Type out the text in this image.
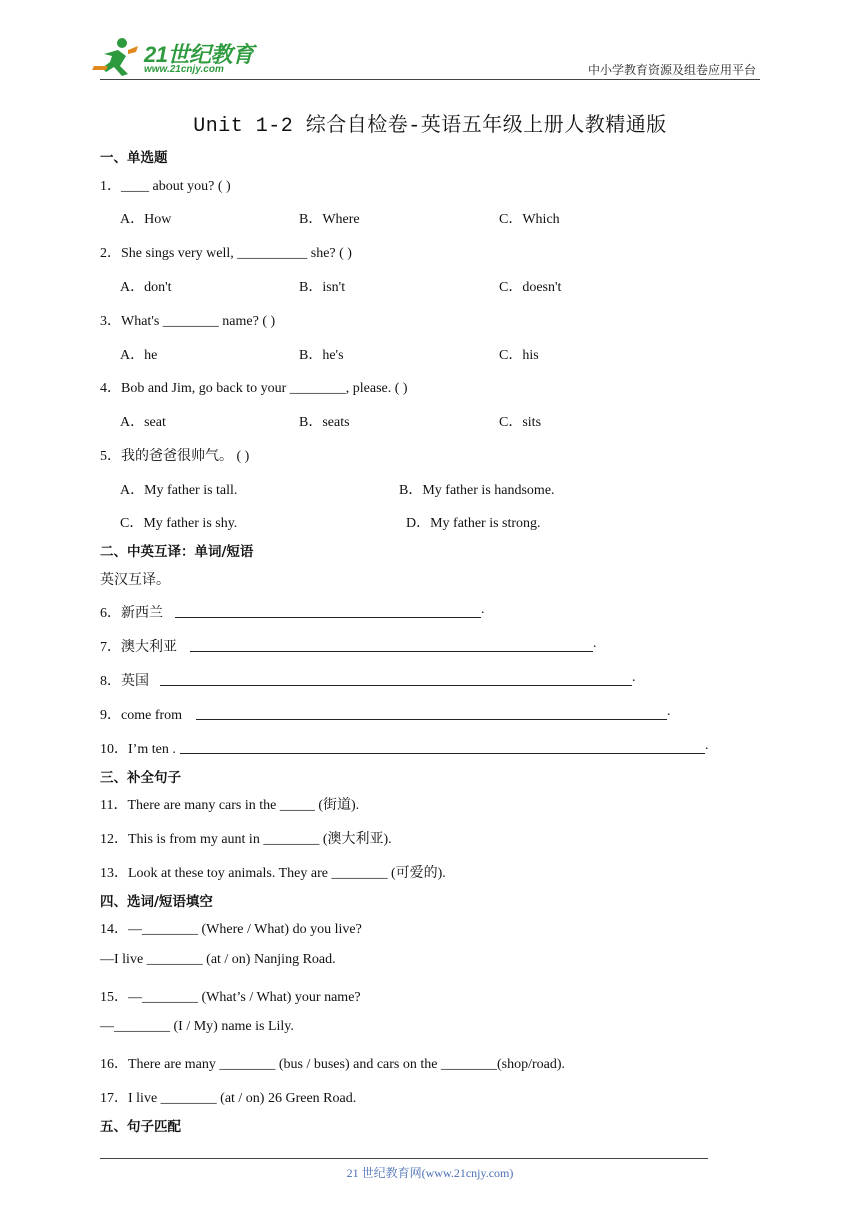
21世纪教育
www.21cnjy.com	中小学教育资源及组卷应用平台
Unit 1-2 综合自检卷-英语五年级上册人教精通版
一、单选题
1．____ about you? ( )
A．How	B．Where	C．Which
2．She sings very well, __________ she? ( )
A．don't	B．isn't	C．doesn't
3．What's ________ name? ( )
A．he	B．he's	C．his
4．Bob and Jim, go back to your ________, please. ( )
A．seat	B．seats	C．sits
5．我的爸爸很帅气。 ( )
A．My father is tall.	B．My father is handsome.
C．My father is shy.	D．My father is strong.
二、中英互译：单词/短语
英汉互译。
6．新西兰	.
7．澳大利亚	.
8．英国	.
9．come from	.
10．I’m ten .	.
三、补全句子
11．There are many cars in the _____ (街道).
12．This is from my aunt in ________ (澳大利亚).
13．Look at these toy animals. They are ________ (可爱的).
四、选词/短语填空
14．—________ (Where / What) do you live?
—I live ________ (at / on) Nanjing Road.
15．—________ (What’s / What) your name?
—________ (I / My) name is Lily.
16．There are many ________ (bus / buses) and cars on the ________(shop/road).
17．I live ________ (at / on) 26 Green Road.
五、句子匹配
21 世纪教育网(www.21cnjy.com)
